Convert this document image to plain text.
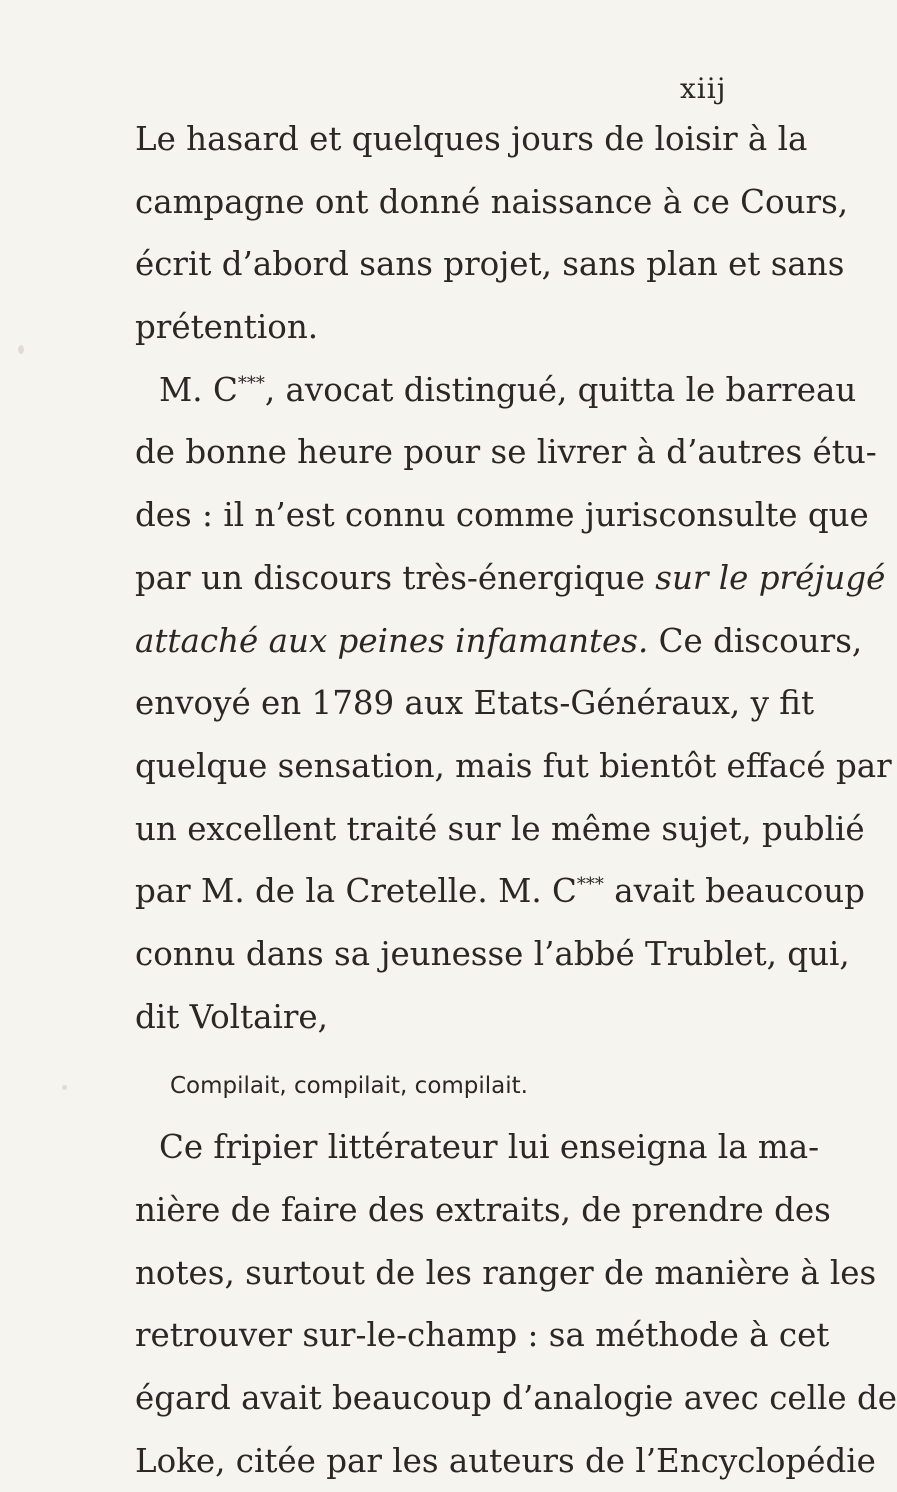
xiij
Le hasard et quelques jours de loisir à la
campagne ont donné naissance à ce Cours,
écrit d’abord sans projet, sans plan et sans
prétention.
M. C***, avocat distingué, quitta le barreau
de bonne heure pour se livrer à d’autres étu-
des : il n’est connu comme jurisconsulte que
par un discours très-énergique sur le préjugé
attaché aux peines infamantes. Ce discours,
envoyé en 1789 aux Etats-Généraux, y fit
quelque sensation, mais fut bientôt effacé par
un excellent traité sur le même sujet, publié
par M. de la Cretelle. M. C*** avait beaucoup
connu dans sa jeunesse l’abbé Trublet, qui,
dit Voltaire,
Compilait, compilait, compilait.
Ce fripier littérateur lui enseigna la ma-
nière de faire des extraits, de prendre des
notes, surtout de les ranger de manière à les
retrouver sur-le-champ : sa méthode à cet
égard avait beaucoup d’analogie avec celle de
Loke, citée par les auteurs de l’Encyclopédie
